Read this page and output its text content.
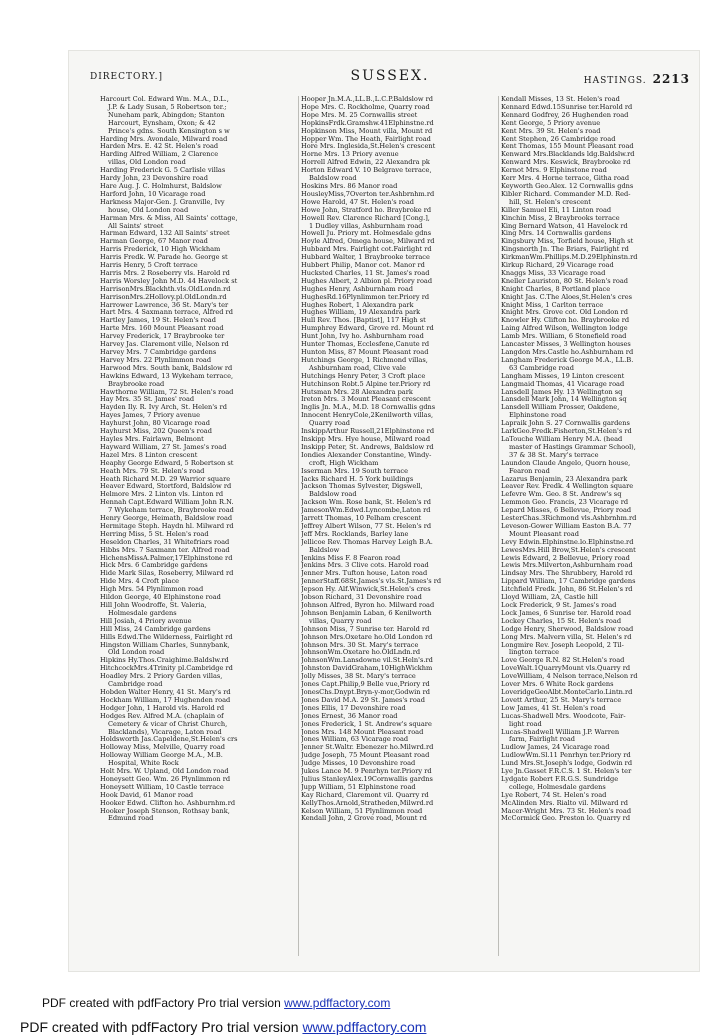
DIRECTORY.]	SUSSEX.	HASTINGS. 2213
Harcourt Col. Edward Wm. M.A., D.L.,
J.P. & Lady Susan, 5 Robertson ter.;
Nuneham park, Abingdon; Stanton
Harcourt, Eynsham, Oxon; & 42
Prince's gdns. South Kensington s w
Harding Mrs. Avondale, Milward road
Harden Mrs. E. 42 St. Helen's road
Harding Alfred William, 2 Clarence
villas, Old London road
Harding Frederick G. 5 Carlisle villas
Hardy John, 23 Devonshire road
Hare Aug. J. C. Holmhurst, Baldslow
Harford John, 10 Vicarage road
Harkness Major-Gen. J. Granville, Ivy
house, Old London road
Harman Mrs. & Miss, All Saints' cottage,
All Saints' street
Harman Edward, 132 All Saints' street
Harman George, 67 Manor road
Harris Frederick, 10 High Wickham
Harris Fredk. W. Parade ho. George st
Harris Henry, 5 Croft terrace
Harris Mrs. 2 Roseberry vls. Harold rd
Harris Worsley John M.D. 44 Havelock st
HarrisonMrs.Blackhth.vls.OldLondn.rd
HarrisonMrs.2Hollovy.pl.OldLondn.rd
Harrower Lawrence, 36 St. Mary's ter
Hart Mrs. 4 Saxmann terrace, Alfred rd
Hartley James, 19 St. Helen's road
Harte Mrs. 160 Mount Pleasant road
Harvey Frederick, 17 Braybrooke ter
Harvey Jas. Claremont ville, Nelson rd
Harvey Mrs. 7 Cambridge gardens
Harvey Mrs. 22 Plynlimmon road
Harwood Mrs. South bank, Baldslow rd
Hawkins Edward, 13 Wykeham terrace,
Braybrooke road
Hawthorne William, 72 St. Helen's road
Hay Mrs. 35 St. James' road
Hayden Ily. R. Ivy Arch, St. Helen's rd
Hayes James, 7 Priory avenue
Hayhurst John, 80 Vicarage road
Hayhurst Miss, 202 Queen's road
Hayles Mrs. Fairlawn, Belmont
Hayward William, 27 St. James's road
Hazel Mrs. 8 Linton crescent
Heaphy George Edward, 5 Robertson st
Heath Mrs. 79 St. Helen's road
Heath Richard M.D. 29 Warrior square
Heaver Edward, Stortford, Baldslow rd
Helmore Mrs. 2 Linton vls. Linton rd
Hennah Capt.Edward William John R.N.
7 Wykeham terrace, Braybrooke road
Henry George, Heimath, Baldslow road
Hermitage Steph. Haydn hl. Milward rd
Herring Miss, 5 St. Helen's road
Heseldon Charles, 31 Whitefriars road
Hibbs Mrs. 7 Saxmann ter. Alfred road
HichensMissA.Palmer,17Elphinstone rd
Hick Mrs. 6 Cambridge gardens
Hide Mark Silas, Roseberry, Milward rd
Hide Mrs. 4 Croft place
High Mrs. 54 Plynlimmon road
Hildon George, 40 Elphinstone road
Hill John Woodroffe, St. Valeria,
Holmesdale gardens
Hill Josiah, 4 Priory avenue
Hill Miss, 24 Cambridge gardens
Hills Edwd.The Wilderness, Fairlight rd
Hingston William Charles, Sunnybank,
Old London road
Hipkins Hy.Thos.Craighime.Baldslw.rd
HitchcockMrs.4Trinity pl.Cambridge rd
Hoadley Mrs. 2 Priory Garden villas,
Cambridge road
Hobden Walter Henry, 41 St. Mary's rd
Hockham William, 17 Hughenden road
Hodger John, 1 Harold vls. Harold rd
Hodges Rev. Alfred M.A. (chaplain of
Cemetery & vicar of Christ Church,
Blacklands), Vicarage, Laton road
Holdsworth Jas.Capeldene,St.Helen's crs
Holloway Miss, Melville, Quarry road
Holloway William George M.A., M.B.
Hospital, White Rock
Holt Mrs. W. Upland, Old London road
Honeysett Geo. Wm. 26 Plynlimmon rd
Honeysett William, 10 Castle terrace
Hook David, 61 Manor road
Hooker Edwd. Clifton ho. Ashburnhm.rd
Hooker Joseph Stenson, Rothsay bank,
Edmund road
Hooper Jn.M.A.,LL.B.,L.C.P.Baldslow rd
Hope Mrs. C. Rockholme, Quarry road
Hope Mrs. M. 25 Cornwallis street
HopkinsFrdk.Gramshw.41Elphinstne.rd
Hopkinson Miss, Mount villa, Mount rd
Hopper Wm. The Heath, Fairlight road
Hore Mrs. Inglesida,St.Helen's crescent
Horne Mrs. 13 Priory avenue
Horrell Alfred Edwin, 22 Alexandra pk
Horton Edward V. 10 Belgrave terrace,
Baldslow road
Hoskins Mrs. 86 Manor road
HousleyMiss,7Overton ter.Ashbrnhm.rd
Howe Harold, 47 St. Helen's road
Howe John, Stratford ho. Braybroke rd
Howell Rev. Clarence Richard [Cong.],
1 Dudley villas, Ashburnham road
Howell Ju. Priory mt. Holmesdale gdns
Hoyle Alfred, Omega house, Milward rd
Hubbard Mrs. Fairlight cot.Fairlight rd
Hubbard Walter, 1 Braybrooke terrace
Hubbert Philip, Manor cot. Manor rd
Hucksted Charles, 11 St. James's road
Hughes Albert, 2 Albion pl. Priory road
Hughes Henry, Ashburnham road
HughesRd.16Plynlimmon ter.Priory rd
Hughes Robert, 1 Alexandra park
Hughes William, 19 Alexandra park
Hull Rev. Thos. [Baptist], 117 High st
Humphrey Edward, Grove rd. Mount rd
Hunt John, Ivy ho. Ashburnham road
Hunter Thomas, Ecclesfene,Canute rd
Hunton Miss, 87 Mount Pleasant road
Hutchings George, 1 Richmond villas,
Ashburnham road, Clive vale
Hutchings Henry Peter, 3 Croft place
Hutchinson Robt.5 Alpine ter.Priory rd
Hutsman Mrs. 28 Alexandra park
Ireton Mrs. 3 Mount Pleasant crescent
Inglis Jn. M.A., M.D. 18 Cornwallis gdns
Innocent HenryCole,2Kenilworth villas,
Quarry road
InskippArthur Russell,21Elphinstone rd
Inskipp Mrs. Hye house, Milward road
Inskipp Peter, St. Andrews, Baldslow rd
Iondies Alexander Constantine, Windy-
croft, High Wickham
Isserman Mrs. 19 South terrace
Jacks Richard H. 5 York buildings
Jackson Thomas Sylvester, Digswell,
Baldslow road
Jackson Wm. Rose bank, St. Helen's rd
JamesonWm.Edwd.Lyncombe,Laton rd
Jarrett Thomas, 10 Pelham crescent
Jeffrey Albert Wilson, 77 St. Helen's rd
Jeff Mrs. Rocklands, Barley lane
Jellicoe Rev. Thomas Harvey Leigh B.A.
Baldslow
Jenkins Miss F. 8 Fearon road
Jenkins Mrs. 3 Clive cots. Harold road
Jenner Mrs. Tufton house, Laton road
JennerStaff.68St.James's vls.St.James's rd
Jepson Hy. Alf.Winwick,St.Helen's cres
Jobson Richard, 31 Devonshire road
Johnson Alfred, Byron ho. Milward road
Johnson Benjamin Laban, 6 Kenilworth
villas, Quarry road
Johnson Miss, 7 Sunrise ter. Harold rd
Johnson Mrs.Oxetare ho.Old London rd
Johnson Mrs. 30 St. Mary's terrace
JohnsonWm.Oxetare ho.OldLndn.rd
JohnsonWm.Lansdowne vil.St.Heln's.rd
Johnston DavidGraham,10HighWickhm
Jolly Misses, 38 St. Mary's terrace
Jones Capt.Philip,9 Belle vue,Priory rd
JonesChs.Dnypt.Bryn-y-mor,Godwin rd
Jones David M.A. 29 St. James's road
Jones Ellis, 17 Devonshire road
Jones Ernest, 36 Manor road
Jones Frederick, 1 St. Andrew's square
Jones Mrs. 148 Mount Pleasant road
Jones William, 63 Vicarage road
Jenner St.Waltr. Ebenezer ho.Milwrd.rd
Judge Joseph, 75 Mount Pleasant road
Judge Misses, 10 Devonshire road
Jukes Lance M. 9 Penrhyn ter.Priory rd
Julius StanleyAlex.19Cornwallis gardns
Jupp William, 51 Elphinstone road
Kay Richard, Claremont vil. Quarry rd
KellyThos.Arnold,Stratheden,Milwrd.rd
Kelson William, 51 Plynlimmon road
Kendall John, 2 Grove road, Mount rd
Kendall Misses, 13 St. Helen's road
Kennard Edwd.15Sunrise ter.Harold rd
Kennard Godfrey, 26 Hughenden road
Kent George, 5 Priory avenue
Kent Mrs. 39 St. Helen's road
Kent Stephen, 26 Cambridge road
Kent Thomas, 155 Mount Pleasant road
Kenward Mrs.Blacklands ldg.Baldslw.rd
Kenward Mrs. Keswick, Braybrooke rd
Kernot Mrs. 9 Elphinstone road
Kerr Mrs. 4 Horne terrace, Githa road
Keyworth Geo.Alex. 12 Cornwallis gdns
Kibler Richard. Commander M.D. Red-
hill, St. Helen's crescent
Killer Samuel Eli, 11 Linton road
Kinchin Miss, 2 Braybrooks terrace
King Bernard Watson, 41 Havelock rd
King Mrs. 14 Cornwallis gardens
Kingsbury Miss, Torfield house, High st
Kingsnorth Jn. The Briars, Fairlight rd
KirkmanWm.Phillips.M.D.29Elphinstn.rd
Kirkup Richard, 29 Vicarage road
Knaggs Miss, 33 Vicarage road
Kneller Lauriston, 80 St. Helen's road
Knight Charles, 8 Portland place
Knight Jas. C.The Aloes,St.Helen's cres
Knight Miss, 1 Carlton terrace
Knight Mrs. Grove cot. Old London rd
Knowler Hy. Clifton ho. Braybrooke rd
Laing Alfred Wilson, Wellington lodge
Lamb Mrs. William, 6 Stonefield road
Lancaster Misses, 3 Wellington houses
Langdon Mrs.Castle ho.Ashburnham rd
Langham Frederick George M.A., LL.B.
63 Cambridge road
Langham Misses, 19 Linton crescent
Langmaid Thomas, 41 Vicarage road
Lansdell James Hy. 13 Wellington sq
Lansdell Mark John, 14 Wellington sq
Lansdell William Prosser, Oakdene,
Elphinstone road
Lapraik John S. 27 Cornwallis gardens
LarkGeo.Fredk.Fisherton,St.Helen's rd
LaTouche William Henry M.A. (head
master of Hastings Grammar School),
37 & 38 St. Mary's terrace
Laundon Claude Angelo, Quorn house,
Fearon road
Lazarus Benjamin, 23 Alexandra park
Leaver Rev. Fredk. 4 Wellington square
Lefevre Wm. Geo. 8 St. Andrew's sq
Lemmon Geo. Francis, 23 Vicarage rd
Lepard Misses, 6 Bellevue, Priory road
LesterChas.3Richmond vls.Ashbrnhm.rd
Leveson-Gower William Easton B.A. 77
Mount Pleasant road
Levy Edwin.Elphinstne.lo.Elphinstne.rd
LewesMrs.Hill Brow,St.Helen's crescent
Lewis Edward, 2 Bellevue, Priory road
Lewis Mrs.Milverton,Ashburnham road
Lindsay Mrs. The Shrubbery, Harold rd
Lippard William, 17 Cambridge gardens
Litchfield Fredk. John, 86 St.Helen's rd
Lloyd William, 2A, Castle hill
Lock Frederick, 9 St. James's road
Lock James, 6 Sunrise ter. Harold road
Lockey Charles, 15 St. Helen's road
Lodge Henry, Sherwood, Baldslow road
Long Mrs. Malvern villa, St. Helen's rd
Longmire Rev. Joseph Leopold, 2 Til-
lington terrace
Love George R.N. 82 St.Helen's road
LoveWalt.1QuarryMount vls.Quarry rd
LoveWilliam, 4 Nelson terrace,Nelson rd
Lover Mrs. 6 White Rock gardens
LoveridgeGeoAlbt.MonteCarlo.Lintn.rd
Lovett Arthur, 25 St. Mary's terrace
Low James, 41 St. Helen's road
Lucas-Shadwell Mrs. Woodcote, Fair-
light road
Lucas-Shadwell William J.P. Warren
farm, Fairlight road
Ludlow James, 24 Vicarage road
LudlowWm.Sl.11 Penrhyn ter.Priory rd
Lund Mrs.St.Joseph's lodge, Godwin rd
Lye Jn.Gasset F.R.C.S. 1 St. Helen's ter
Lydgate Robert F.R.G.S. Sundridge
college, Holmesdale gardens
Lye Robert, 74 St. Helen's road
McAlinden Mrs. Rialto vil. Milward rd
Macer-Wright Mrs. 73 St. Helen's road
McCormick Geo. Preston lo. Quarry rd
PDF created with pdfFactory Pro trial version www.pdffactory.com
PDF created with pdfFactory Pro trial version www.pdffactory.com
